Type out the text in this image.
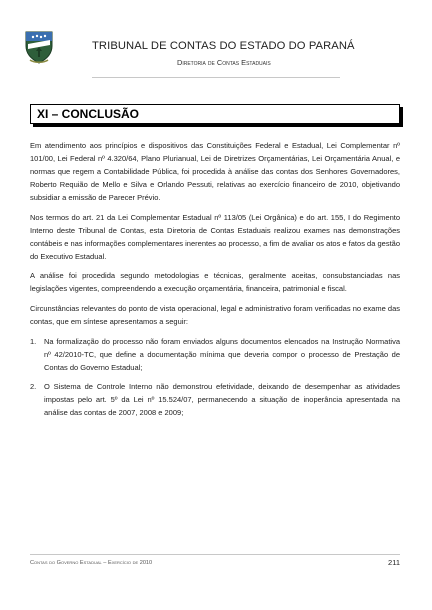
TRIBUNAL DE CONTAS DO ESTADO DO PARANÁ
Diretoria de Contas Estaduais
XI – CONCLUSÃO

Em atendimento aos princípios e dispositivos das Constituições Federal e Estadual, Lei Complementar nº 101/00, Lei Federal nº 4.320/64, Plano Plurianual, Lei de Diretrizes Orçamentárias, Lei Orçamentária Anual, e normas que regem a Contabilidade Pública, foi procedida à análise das contas dos Senhores Governadores, Roberto Requião de Mello e Silva e Orlando Pessuti, relativas ao exercício financeiro de 2010, objetivando subsidiar a emissão de Parecer Prévio.

Nos termos do art. 21 da Lei Complementar Estadual nº 113/05 (Lei Orgânica) e do art. 155, I do Regimento Interno deste Tribunal de Contas, esta Diretoria de Contas Estaduais realizou exames nas demonstrações contábeis e nas informações complementares inerentes ao processo, a fim de avaliar os atos e fatos da gestão do Executivo Estadual.

A análise foi procedida segundo metodologias e técnicas, geralmente aceitas, consubstanciadas nas legislações vigentes, compreendendo a execução orçamentária, financeira, patrimonial e fiscal.

Circunstâncias relevantes do ponto de vista operacional, legal e administrativo foram verificadas no exame das contas, que em síntese apresentamos a seguir:

1. Na formalização do processo não foram enviados alguns documentos elencados na Instrução Normativa nº 42/2010-TC, que define a documentação mínima que deveria compor o processo de Prestação de Contas do Governo Estadual;
2. O Sistema de Controle Interno não demonstrou efetividade, deixando de desempenhar as atividades impostas pelo art. 5º da Lei nº 15.524/07, permanecendo a situação de inoperância apresentada na análise das contas de 2007, 2008 e 2009;
Contas do Governo Estadual – Exercício de 2010	211
